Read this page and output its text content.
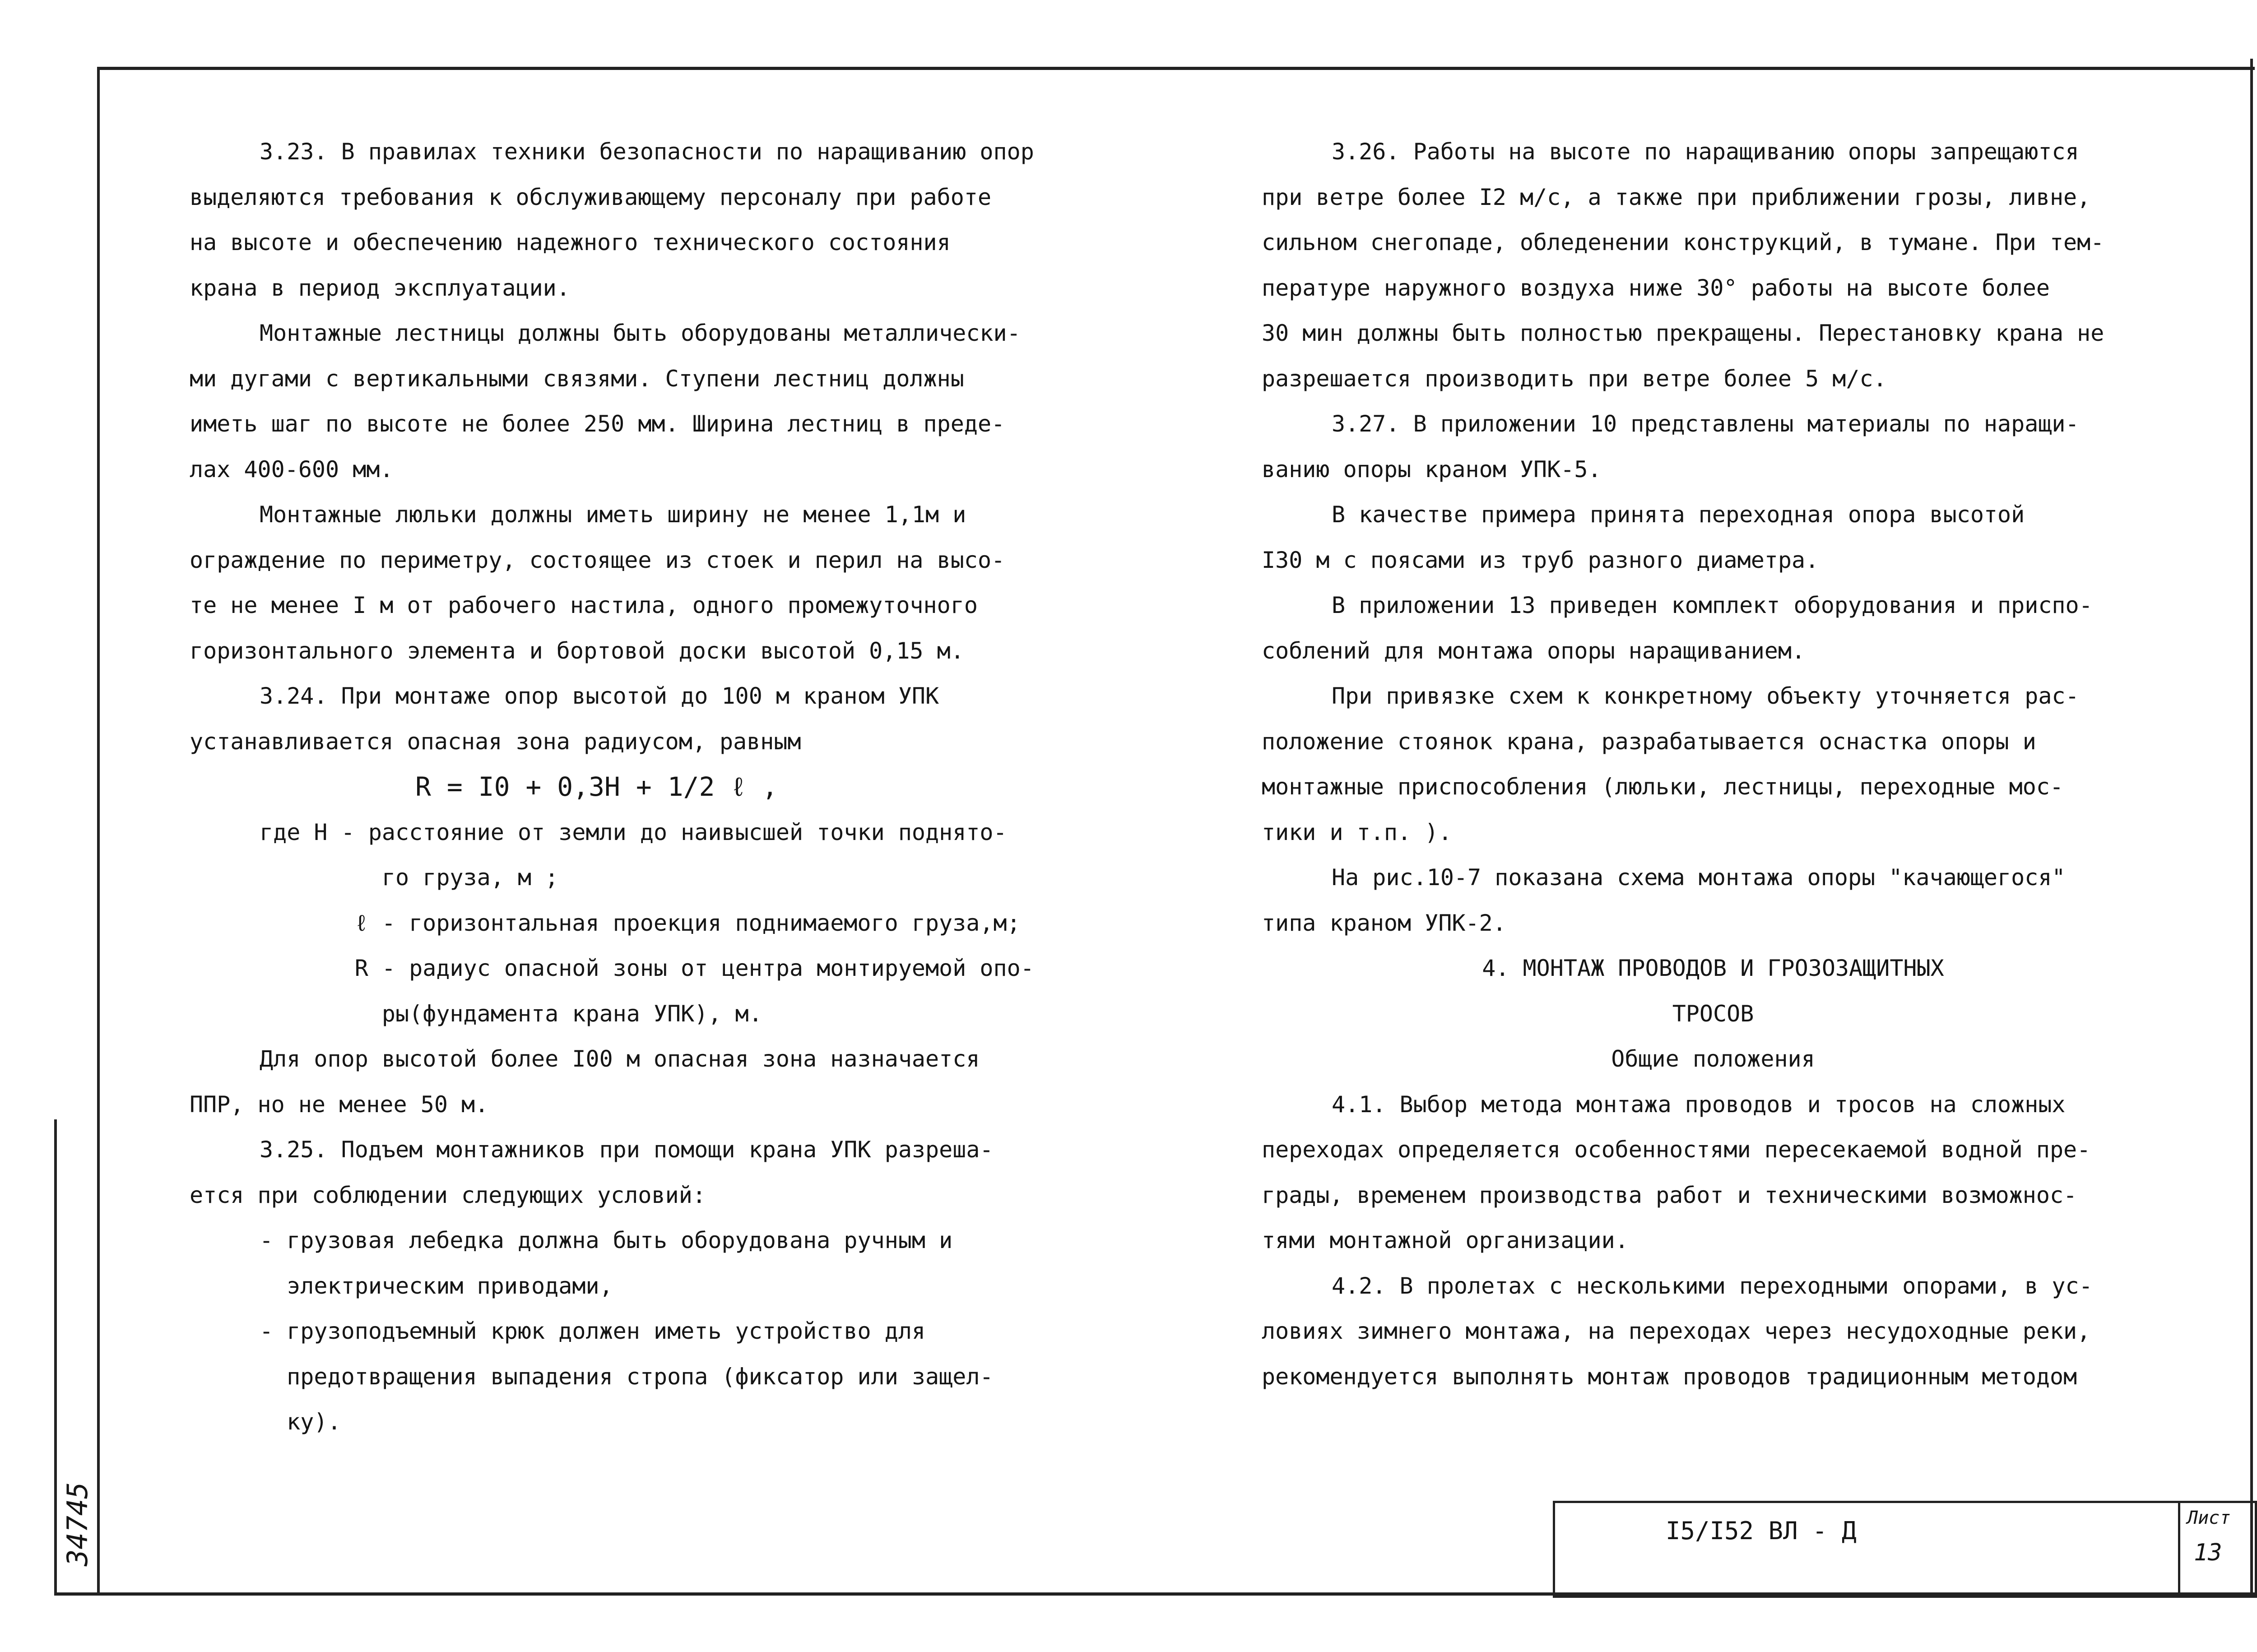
3.23. В правилах техники безопасности по наращиванию опор

выделяются требования к обслуживающему персоналу при работе

на высоте и обеспечению надежного технического состояния

крана в период эксплуатации.

Монтажные лестницы должны быть оборудованы металлически-

ми дугами с вертикальными связями. Ступени лестниц должны

иметь шаг по высоте не более 250 мм. Ширина лестниц в преде-

лах 400-600 мм.

Монтажные люльки должны иметь ширину не менее 1,1м и

ограждение по периметру, состоящее из стоек и перил на высо-

те не менее I м от рабочего настила, одного промежуточного

горизонтального элемента и бортовой доски высотой 0,15 м.

3.24. При монтаже опор высотой до 100 м краном УПК

устанавливается опасная зона радиусом, равным

R = I0 + 0,3H + 1/2 ℓ ,

где H - расстояние от земли до наивысшей точки поднято-

го груза, м ;

ℓ - горизонтальная проекция поднимаемого груза,м;

R - радиус опасной зоны от центра монтируемой опо-

ры(фундамента крана УПК), м.

Для опор высотой более I00 м опасная зона назначается

ППР, но не менее 50 м.

3.25. Подъем монтажников при помощи крана УПК разреша-

ется при соблюдении следующих условий:

- грузовая лебедка должна быть оборудована ручным и

электрическим приводами,

- грузоподъемный крюк должен иметь устройство для

предотвращения выпадения стропа (фиксатор или защел-

ку).

3.26. Работы на высоте по наращиванию опоры запрещаются

при ветре более I2 м/с, а также при приближении грозы, ливне,

сильном снегопаде, обледенении конструкций, в тумане. При тем-

пературе наружного воздуха ниже 30° работы на высоте более

30 мин должны быть полностью прекращены. Перестановку крана не

разрешается производить при ветре более 5 м/с.

3.27. В приложении 10 представлены материалы по наращи-

ванию опоры краном УПК-5.

В качестве примера принята переходная опора высотой

I30 м с поясами из труб разного диаметра.

В приложении 13 приведен комплект оборудования и приспо-

соблений для монтажа опоры наращиванием.

При привязке схем к конкретному объекту уточняется рас-

положение стоянок крана, разрабатывается оснастка опоры и

монтажные приспособления (люльки, лестницы, переходные мос-

тики и т.п. ).

На рис.10-7 показана схема монтажа опоры "качающегося"

типа краном УПК-2.

4. МОНТАЖ ПРОВОДОВ И ГРОЗОЗАЩИТНЫХ

ТРОСОВ

Общие положения

4.1. Выбор метода монтажа проводов и тросов на сложных

переходах определяется особенностями пересекаемой водной пре-

грады, временем производства работ и техническими возможнос-

тями монтажной организации.

4.2. В пролетах с несколькими переходными опорами, в ус-

ловиях зимнего монтажа, на переходах через несудоходные реки,

рекомендуется выполнять монтаж проводов традиционным методом

I5/I52 ВЛ - Д	Лист
13
34745
